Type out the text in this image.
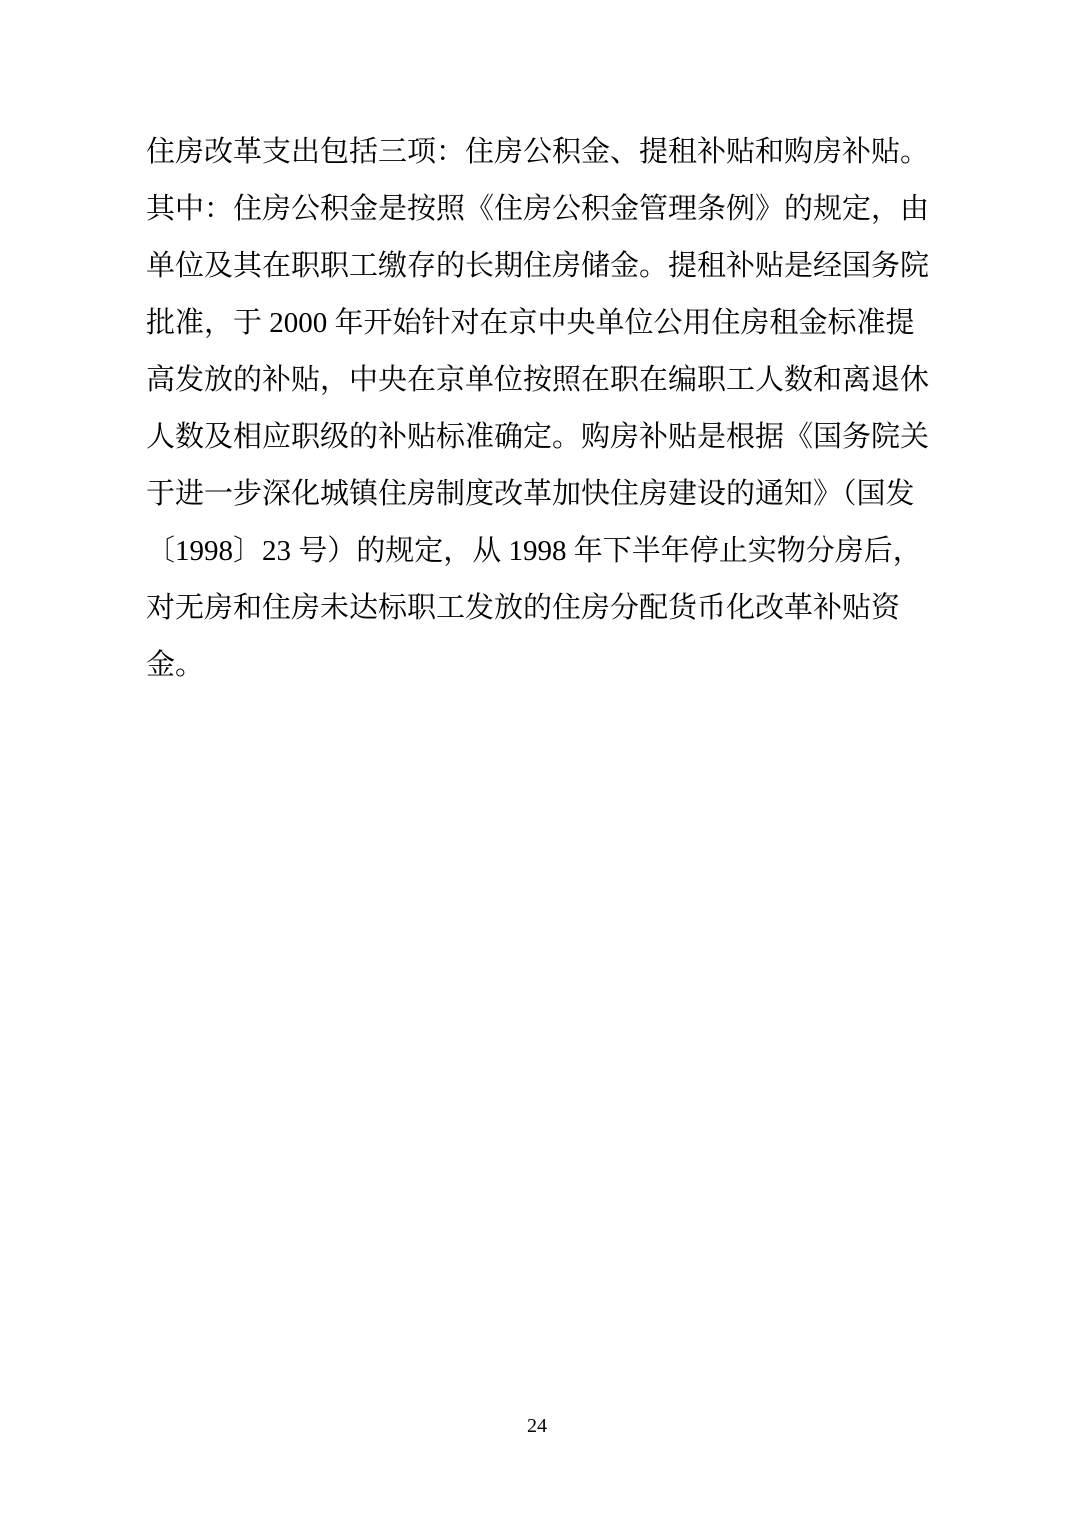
住房改革支出包括三项：住房公积金、提租补贴和购房补贴。
其中：住房公积金是按照《住房公积金管理条例》的规定，由
单位及其在职职工缴存的长期住房储金。提租补贴是经国务院
批准，于 2000 年开始针对在京中央单位公用住房租金标准提
高发放的补贴，中央在京单位按照在职在编职工人数和离退休
人数及相应职级的补贴标准确定。购房补贴是根据《国务院关
于进一步深化城镇住房制度改革加快住房建设的通知》（国发
〔1998〕23 号）的规定，从 1998 年下半年停止实物分房后，
对无房和住房未达标职工发放的住房分配货币化改革补贴资
金。
24
